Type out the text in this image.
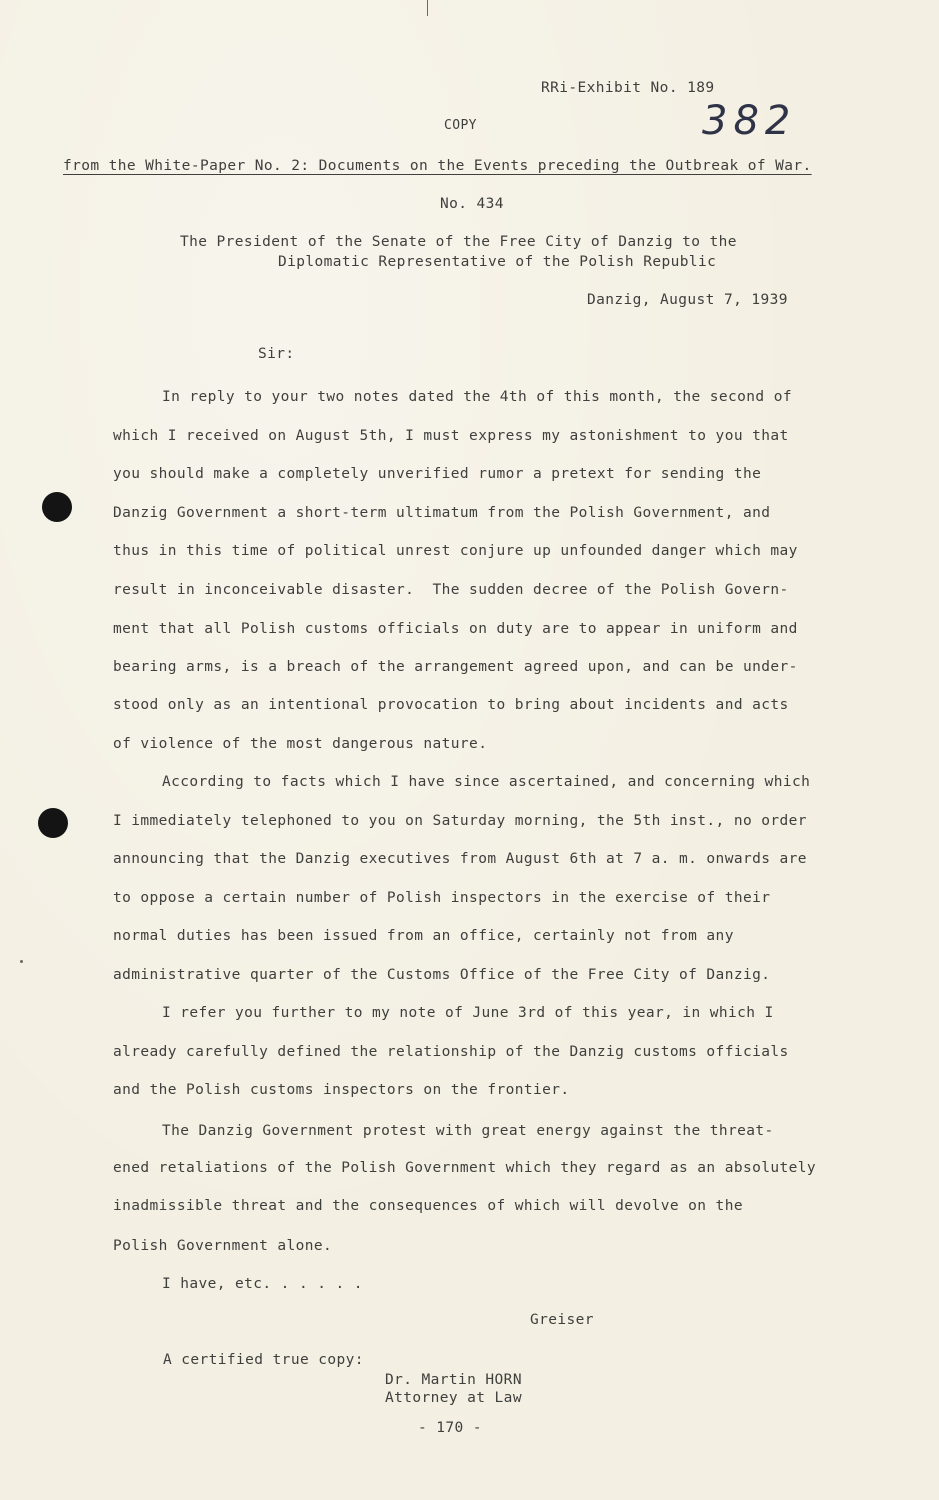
RRi-Exhibit No. 189
COPY	382
from the White-Paper No. 2: Documents on the Events preceding the Outbreak of War.
No. 434
The President of the Senate of the Free City of Danzig to the
Diplomatic Representative of the Polish Republic
Danzig, August 7, 1939
Sir:
In reply to your two notes dated the 4th of this month, the second of
which I received on August 5th, I must express my astonishment to you that
you should make a completely unverified rumor a pretext for sending the
Danzig Government a short-term ultimatum from the Polish Government, and
thus in this time of political unrest conjure up unfounded danger which may
result in inconceivable disaster.  The sudden decree of the Polish Govern-
ment that all Polish customs officials on duty are to appear in uniform and
bearing arms, is a breach of the arrangement agreed upon, and can be under-
stood only as an intentional provocation to bring about incidents and acts
of violence of the most dangerous nature.
According to facts which I have since ascertained, and concerning which
I immediately telephoned to you on Saturday morning, the 5th inst., no order
announcing that the Danzig executives from August 6th at 7 a. m. onwards are
to oppose a certain number of Polish inspectors in the exercise of their
normal duties has been issued from an office, certainly not from any
administrative quarter of the Customs Office of the Free City of Danzig.
I refer you further to my note of June 3rd of this year, in which I
already carefully defined the relationship of the Danzig customs officials
and the Polish customs inspectors on the frontier.
The Danzig Government protest with great energy against the threat-
ened retaliations of the Polish Government which they regard as an absolutely
inadmissible threat and the consequences of which will devolve on the
Polish Government alone.
I have, etc. . . . . .
Greiser
A certified true copy:
Dr. Martin HORN
Attorney at Law
- 170 -
